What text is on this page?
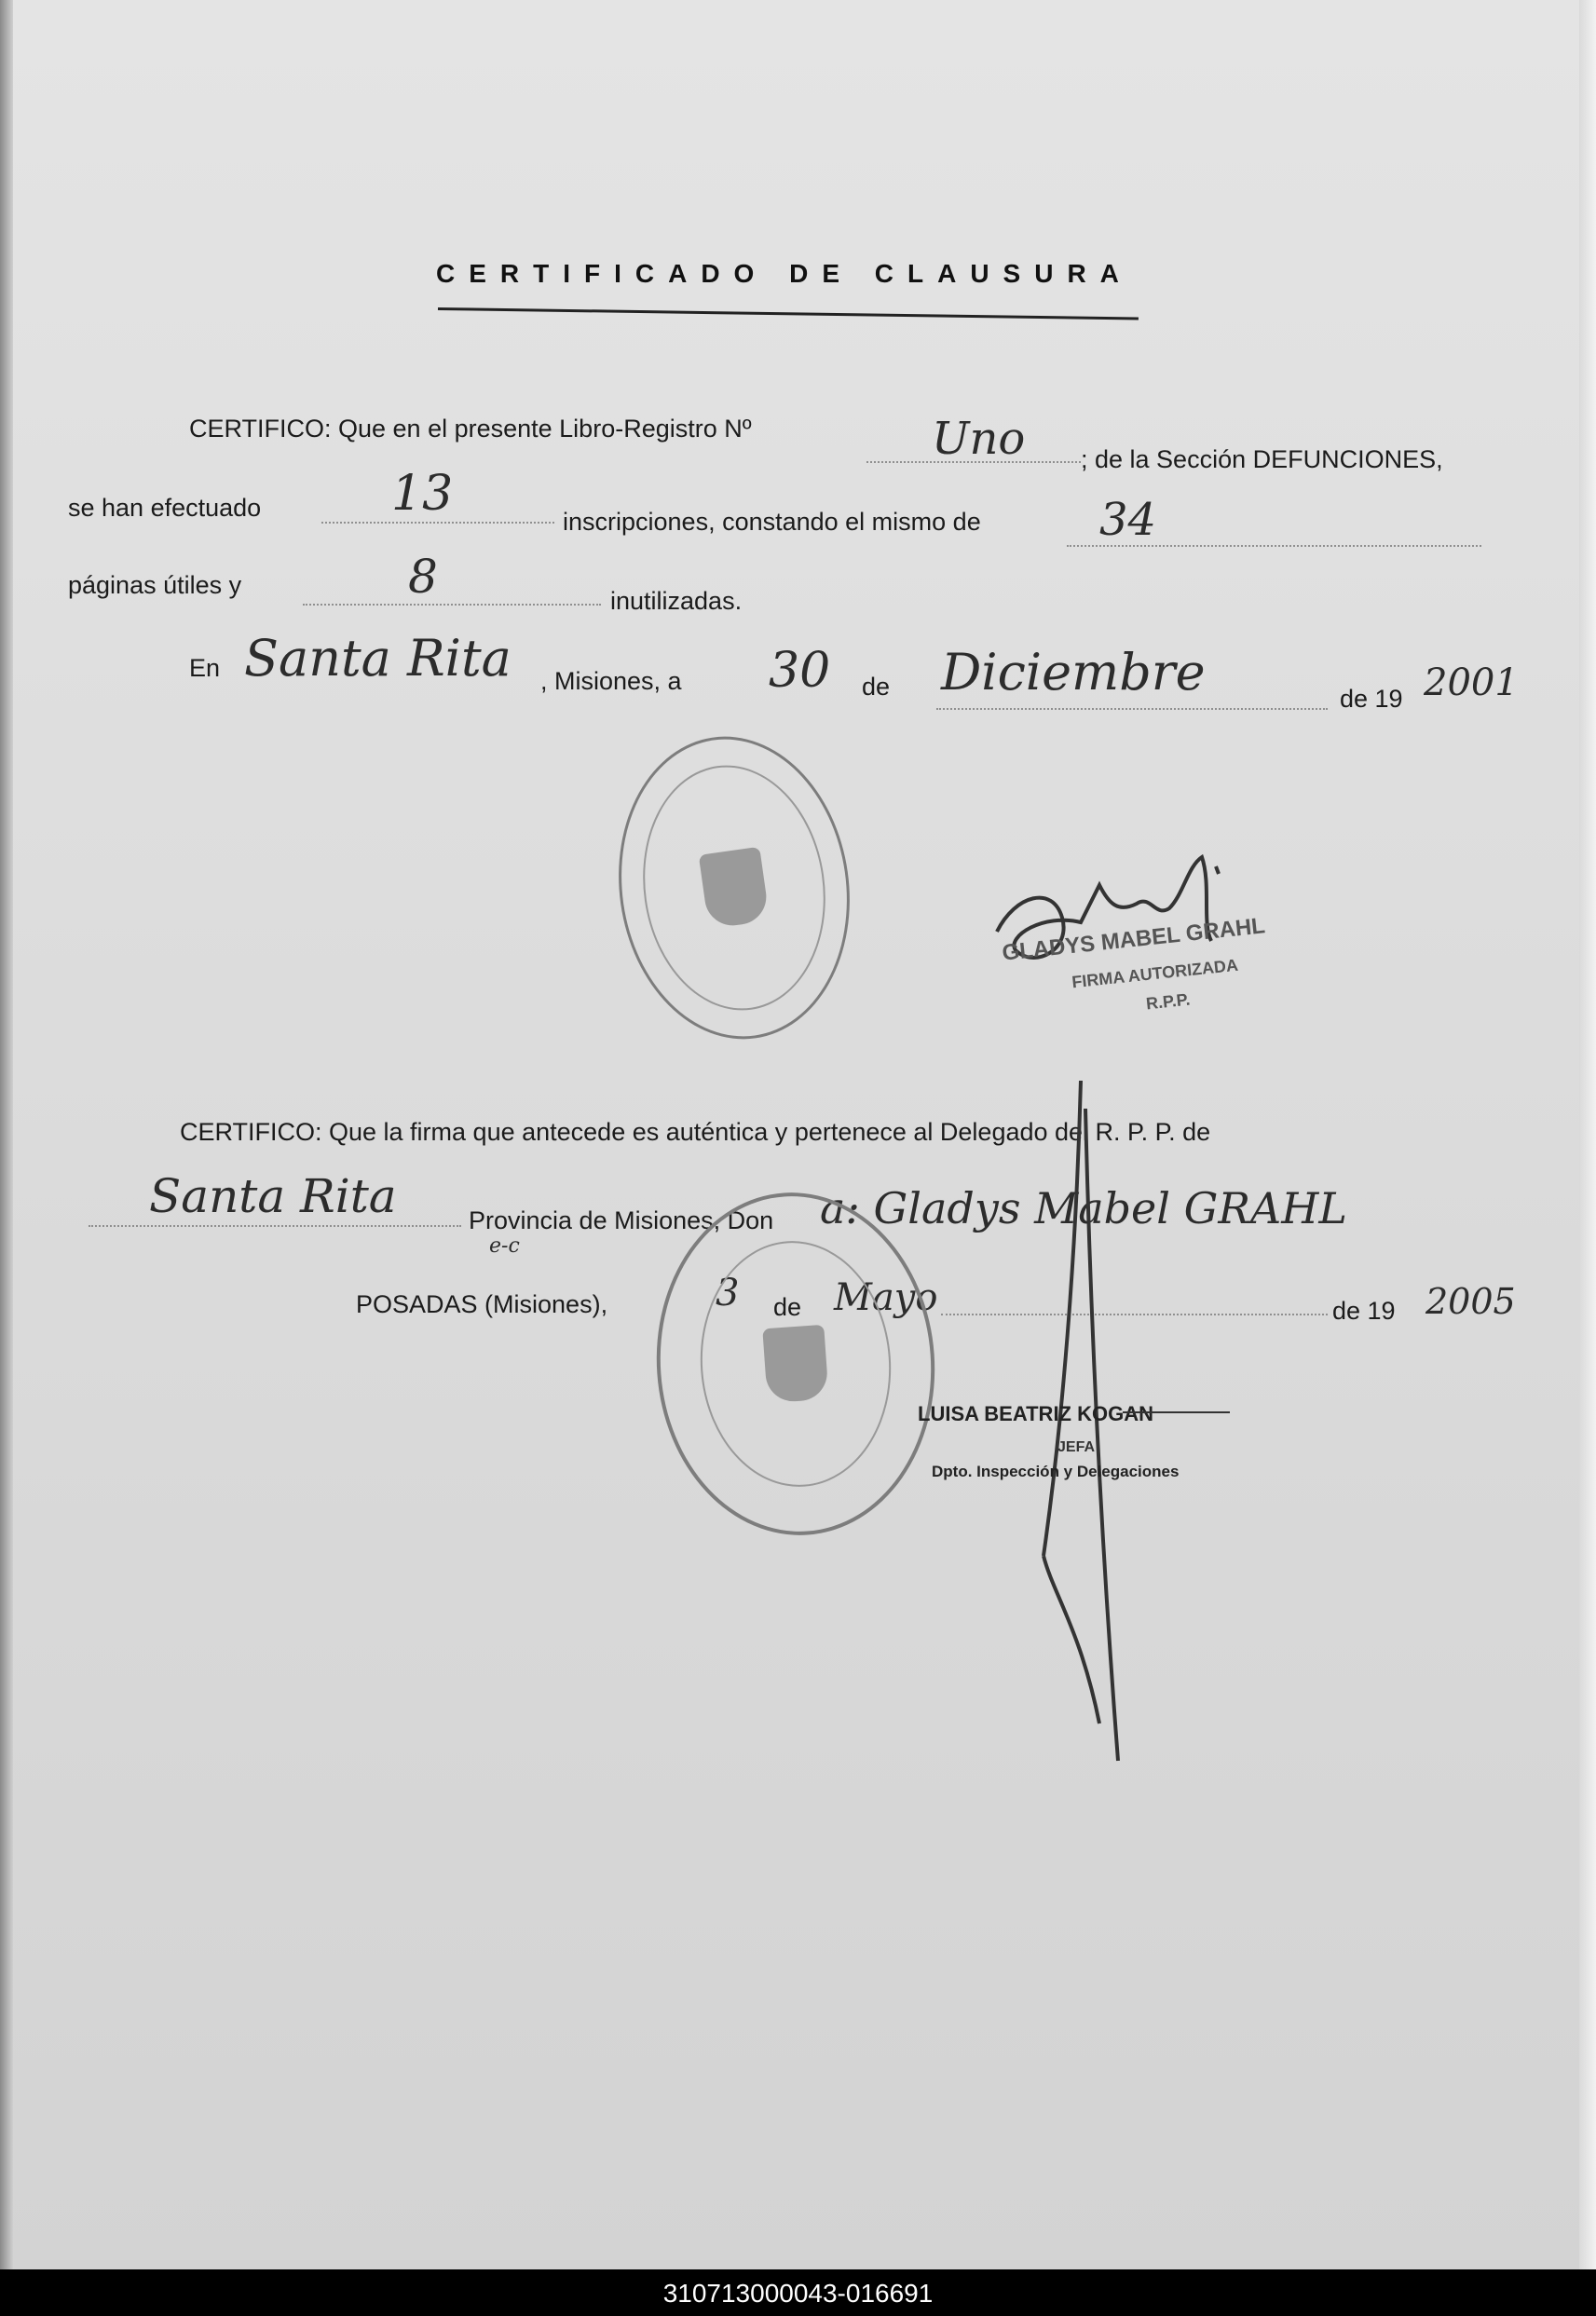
CERTIFICADO DE CLAUSURA
CERTIFICO: Que en el presente Libro-Registro Nº	Uno ; de la Sección DEFUNCIONES,
se han efectuado	13	inscripciones, constando el mismo de	34
páginas útiles y	8	inutilizadas.
En Santa Rita , Misiones, a 30 de Diciembre	de 19 2001
GLADYS MABEL GRAHL
FIRMA AUTORIZADA
R.P.P.
CERTIFICO: Que la firma que antecede es auténtica y pertenece al Delegado del R. P. P. de
Santa Rita	Provincia de Misiones, Don a: Gladys Mabel GRAHL
e-c
POSADAS (Misiones),	3 de Mayo	de 19 2005
LUISA BEATRIZ KOGAN
JEFA
Dpto. Inspección y Delegaciones
310713000043-016691
